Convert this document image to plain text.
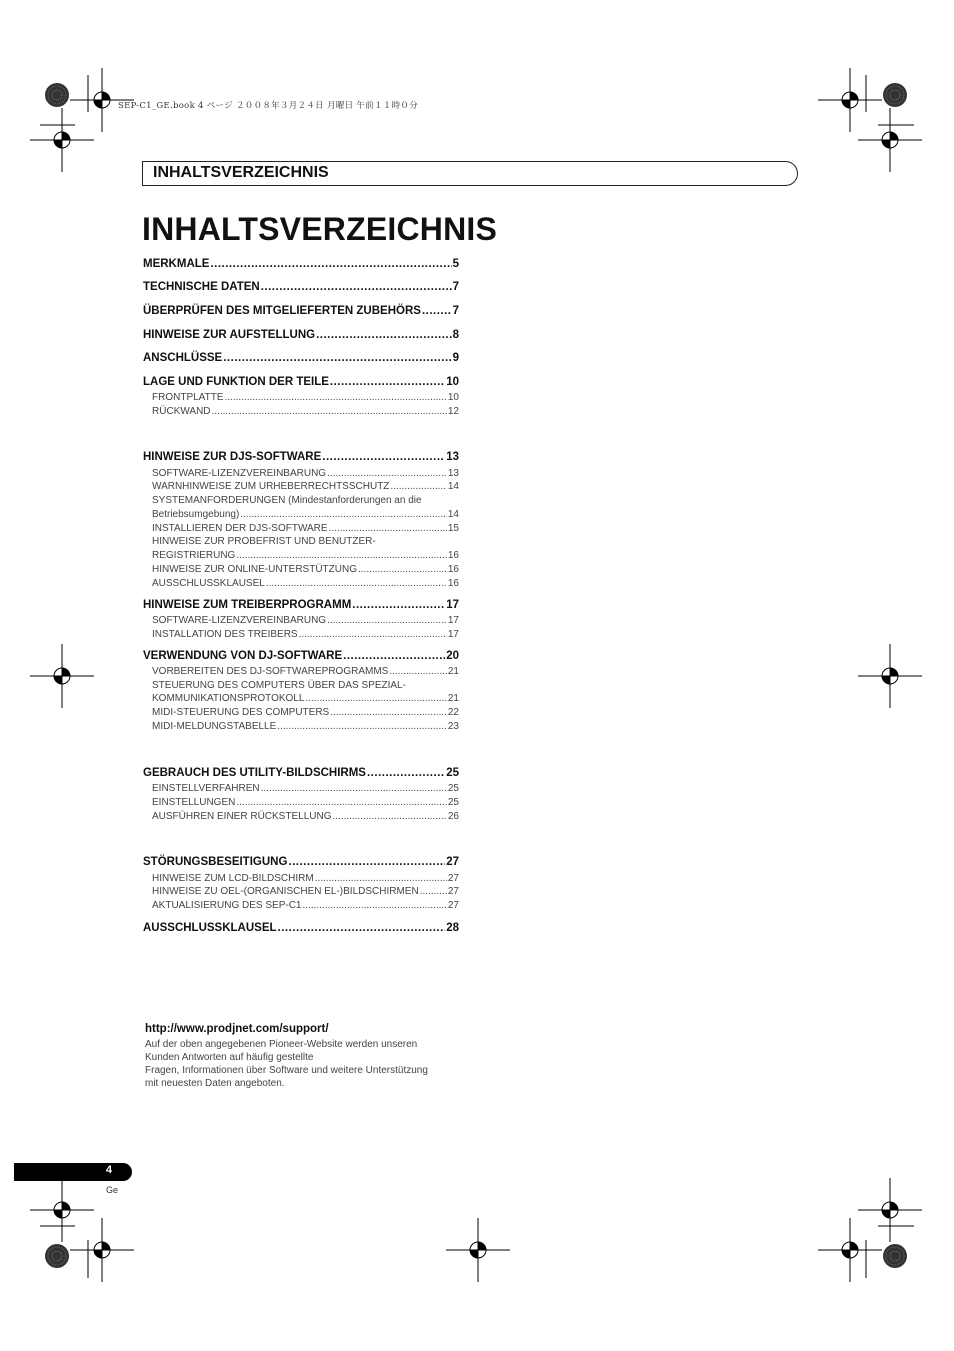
SEP-C1_GE.book 4 ページ ２００８年３月２４日 月曜日 午前１１時０分
INHALTSVERZEICHNIS
INHALTSVERZEICHNIS
MERKMALE .....	5
TECHNISCHE DATEN .....	7
ÜBERPRÜFEN DES MITGELIEFERTEN ZUBEHÖRS .....	7
HINWEISE ZUR AUFSTELLUNG .....	8
ANSCHLÜSSE .....	9
LAGE UND FUNKTION DER TEILE .....	10
FRONTPLATTE .....	10
RÜCKWAND .....	12
HINWEISE ZUR DJS-SOFTWARE .....	13
SOFTWARE-LIZENZVEREINBARUNG .....	13
WARNHINWEISE ZUM URHEBERRECHTSSCHUTZ .....	14
SYSTEMANFORDERUNGEN (Mindestanforderungen an die
Betriebsumgebung) .....	14
INSTALLIEREN DER DJS-SOFTWARE .....	15
HINWEISE ZUR PROBEFRIST UND BENUTZER-
REGISTRIERUNG .....	16
HINWEISE ZUR ONLINE-UNTERSTÜTZUNG .....	16
AUSSCHLUSSKLAUSEL .....	16
HINWEISE ZUM TREIBERPROGRAMM .....	17
SOFTWARE-LIZENZVEREINBARUNG .....	17
INSTALLATION DES TREIBERS .....	17
VERWENDUNG VON DJ-SOFTWARE .....	20
VORBEREITEN DES DJ-SOFTWAREPROGRAMMS .....	21
STEUERUNG DES COMPUTERS ÜBER DAS SPEZIAL-
KOMMUNIKATIONSPROTOKOLL .....	21
MIDI-STEUERUNG DES COMPUTERS .....	22
MIDI-MELDUNGSTABELLE .....	23
GEBRAUCH DES UTILITY-BILDSCHIRMS .....	25
EINSTELLVERFAHREN .....	25
EINSTELLUNGEN .....	25
AUSFÜHREN EINER RÜCKSTELLUNG .....	26
STÖRUNGSBESEITIGUNG .....	27
HINWEISE ZUM LCD-BILDSCHIRM .....	27
HINWEISE ZU OEL-(ORGANISCHEN EL-)BILDSCHIRMEN .....	27
AKTUALISIERUNG DES SEP-C1 .....	27
AUSSCHLUSSKLAUSEL .....	28
http://www.prodjnet.com/support/
Auf der oben angegebenen Pioneer-Website werden unseren
Kunden Antworten auf häufig gestellte
Fragen, Informationen über Software und weitere Unterstützung
mit neuesten Daten angeboten.
4
Ge
